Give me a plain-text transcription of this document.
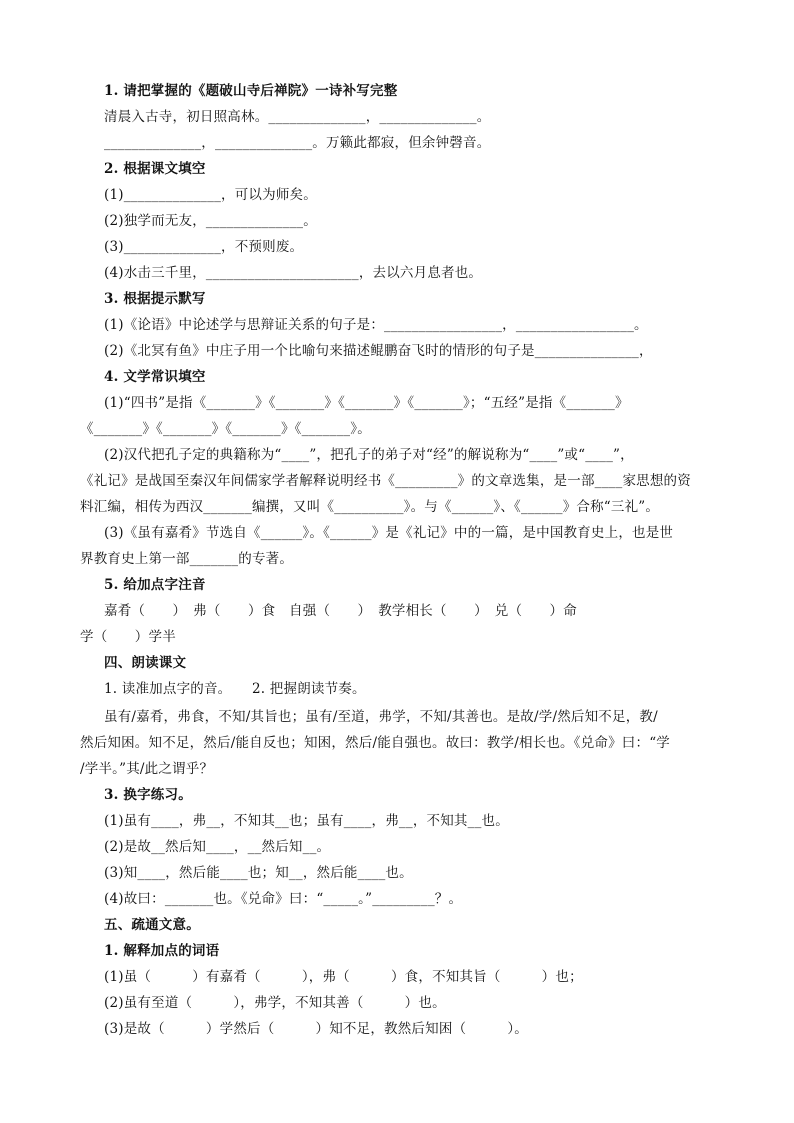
1. 请把掌握的《题破山寺后禅院》一诗补写完整
清晨入古寺，初日照高林。______________，______________。
______________，______________。万籁此都寂，但余钟磬音。
2. 根据课文填空
(1)______________，可以为师矣。
(2)独学而无友，______________。
(3)______________，不预则废。
(4)水击三千里，______________________，去以六月息者也。
3. 根据提示默写
(1)《论语》中论述学与思辩证关系的句子是：_________________，_________________。
(2)《北冥有鱼》中庄子用一个比喻句来描述鲲鹏奋飞时的情形的句子是_______________，
4. 文学常识填空
(1)“四书”是指《_______》《_______》《_______》《_______》；“五经”是指《_______》
《_______》《_______》《_______》《_______》。
(2)汉代把孔子定的典籍称为“____”，把孔子的弟子对“经”的解说称为“____”或“____”，
《礼记》是战国至秦汉年间儒家学者解释说明经书《_________》的文章选集，是一部____家思想的资
料汇编，相传为西汉_______编撰，又叫《__________》。与《______》、《______》合称“三礼”。
(3)《虽有嘉肴》节选自《______》。《______》是《礼记》中的一篇，是中国教育史上，也是世
界教育史上第一部_______的专著。
5. 给加点字注音
嘉肴（　　）　弗（　　）食　自强（　　）　教学相长（　　）　兑（　　）命
学（　　）学半
四、朗读课文
1. 读准加点字的音。　　2. 把握朗读节奏。
虽有/嘉肴，弗食，不知/其旨也；虽有/至道，弗学，不知/其善也。是故/学/然后知不足，教/
然后知困。知不足，然后/能自反也；知困，然后/能自强也。故曰：教学/相长也。《兑命》曰：“学
/学半。”其/此之谓乎？
3. 换字练习。
(1)虽有____，弗__，不知其__也；虽有____，弗__，不知其__也。
(2)是故__然后知____，__然后知__。
(3)知____，然后能____也；知__，然后能____也。
(4)故曰：_______也。《兑命》曰：“_____。”_________？。
五、疏通文意。
1. 解释加点的词语
(1)虽（　　　）有嘉肴（　　　），弗（　　　）食，不知其旨（　　　）也；
(2)虽有至道（　　　），弗学，不知其善（　　　）也。
(3)是故（　　　）学然后（　　　）知不足，教然后知困（　　　）。
